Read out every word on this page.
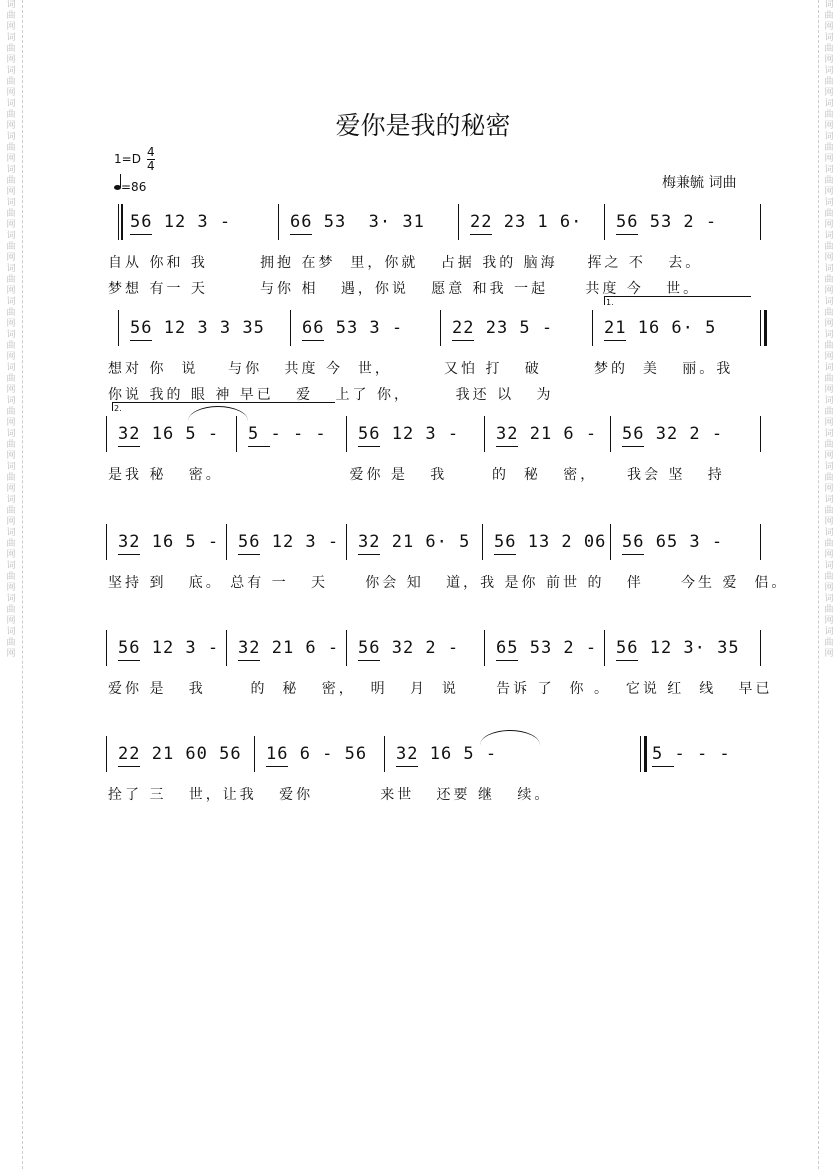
词曲网 词曲网 词曲网 词曲网 词曲网 词曲网 词曲网 词曲网 词曲网 词曲网 词曲网 词曲网 词曲网 词曲网 词曲网 词曲网 词曲网 词曲网 词曲网 词曲网
词曲网 词曲网 词曲网 词曲网 词曲网 词曲网 词曲网 词曲网 词曲网 词曲网 词曲网 词曲网 词曲网 词曲网 词曲网 词曲网 词曲网 词曲网 词曲网 词曲网
爱你是我的秘密
$1=D \frac{4}{4}$
=86	梅兼毓 词曲
56 12 3 -	66 53  3· 31	22 23 1 6· 56 53 2 -
自从 你和 我       拥抱 在梦  里，你就   占据 我的 脑海    挥之 不   去。
梦想 有一 天       与你 相   遇，你说   愿意 和我 一起     共度 今   世。
1.
56 12 3 3 35 66 53 3 -	22 23 5 -	21 16 6· 5
想对 你  说    与你   共度 今  世，       又怕 打   破       梦的  美   丽。我
你说 我的 眼 神 早已   爱   上了 你，      我还 以   为
2.
32 16 5 - 5 - - - 56 12 3 - 32 21 6 - 56 32 2 -
是我 秘   密。                 爱你 是   我      的  秘   密，    我会 坚   持
32 16 5 - 56 12 3 - 32 21 6· 5 56 13 2 06 56 65 3 -
坚持 到   底。 总有 一   天     你会 知   道，我 是你 前世 的   伴     今生 爱  侣。
56 12 3 - 32 21 6 - 56 32 2 - 65 53 2 - 56 12 3· 35
爱你 是   我      的  秘   密，  明   月  说     告诉 了  你 。  它说 红  线   早已
22 21 60 56 16 6 - 56 32 16 5 -	5 - - -
拴了 三   世，让我   爱你         来世   还要 继   续。
